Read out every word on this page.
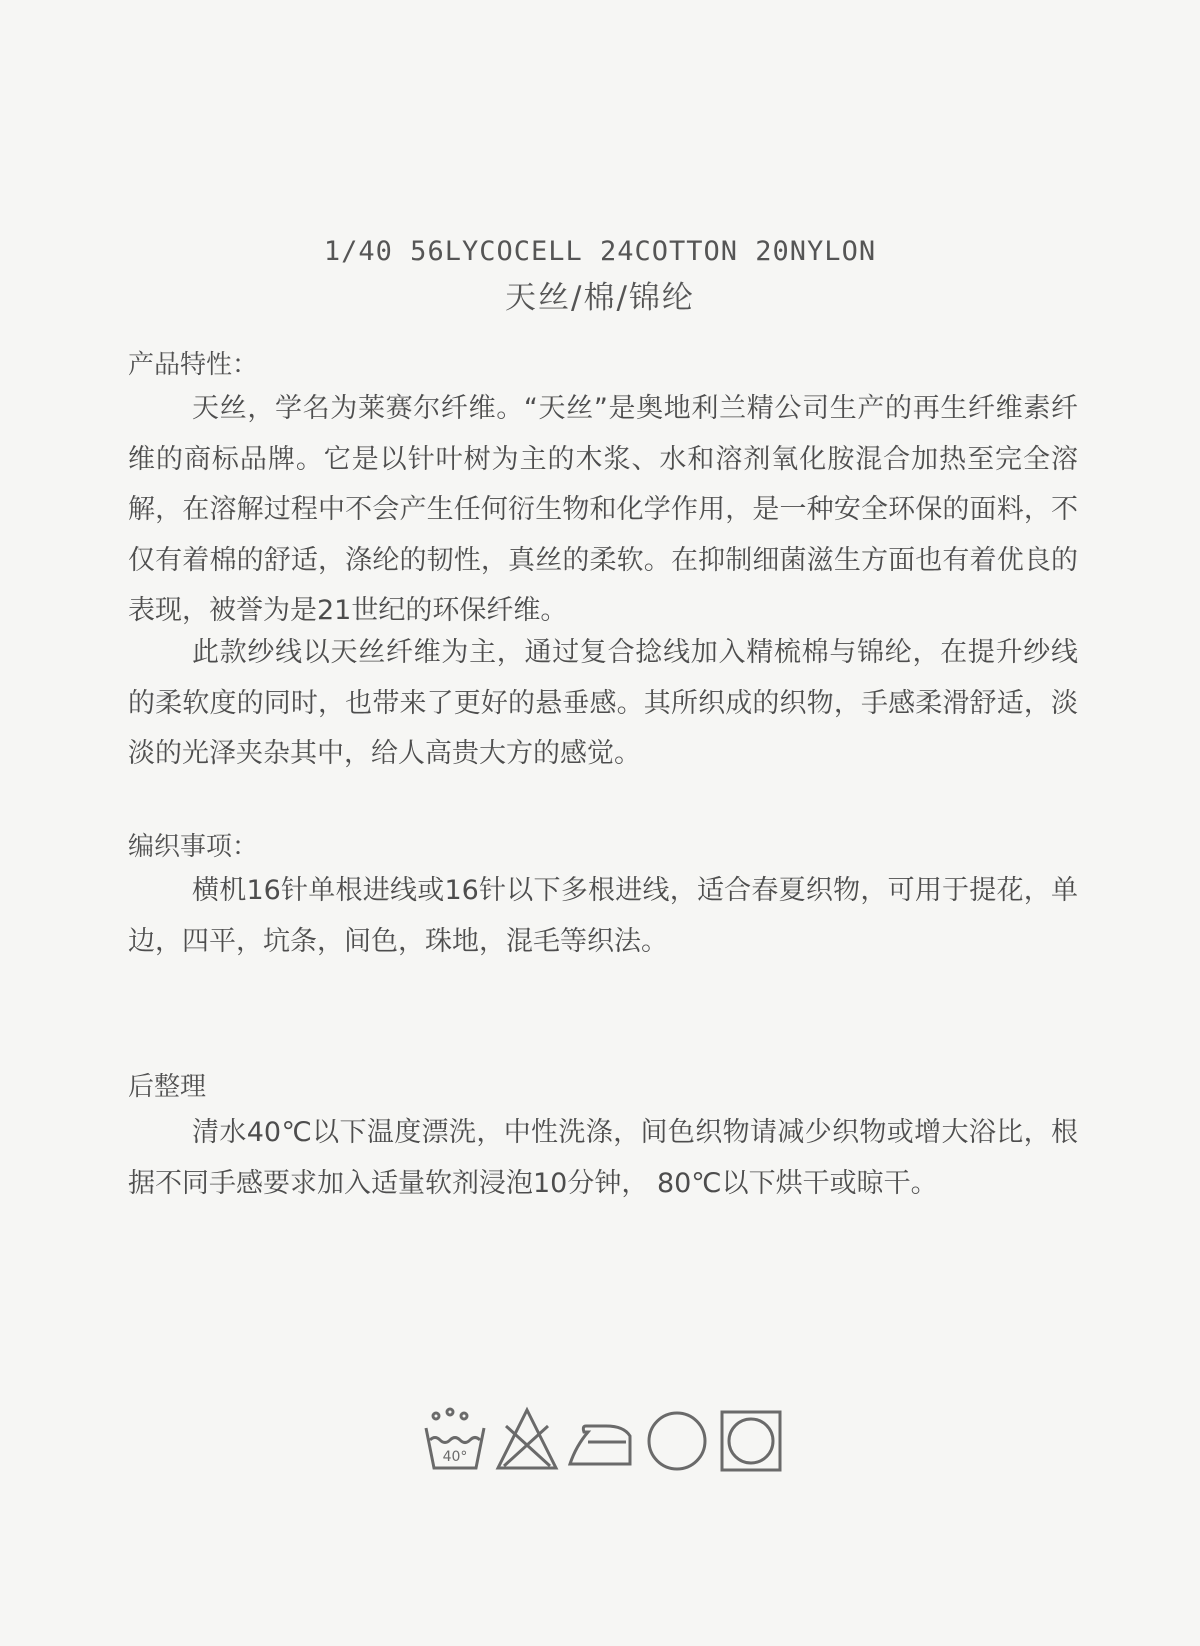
1/40 56LYCOCELL 24COTTON 20NYLON
天丝/棉/锦纶
产品特性：
天丝，学名为莱赛尔纤维。“天丝”是奥地利兰精公司生产的再生纤维素纤维的商标品牌。它是以针叶树为主的木浆、水和溶剂氧化胺混合加热至完全溶解，在溶解过程中不会产生任何衍生物和化学作用，是一种安全环保的面料，不仅有着棉的舒适，涤纶的韧性，真丝的柔软。在抑制细菌滋生方面也有着优良的表现，被誉为是21世纪的环保纤维。
此款纱线以天丝纤维为主，通过复合捻线加入精梳棉与锦纶，在提升纱线的柔软度的同时，也带来了更好的悬垂感。其所织成的织物，手感柔滑舒适，淡淡的光泽夹杂其中，给人高贵大方的感觉。
编织事项：
横机16针单根进线或16针以下多根进线，适合春夏织物，可用于提花，单边，四平，坑条，间色，珠地，混毛等织法。
后整理
清水40℃以下温度漂洗，中性洗涤，间色织物请减少织物或增大浴比，根据不同手感要求加入适量软剂浸泡10分钟， 80℃以下烘干或晾干。
40°
